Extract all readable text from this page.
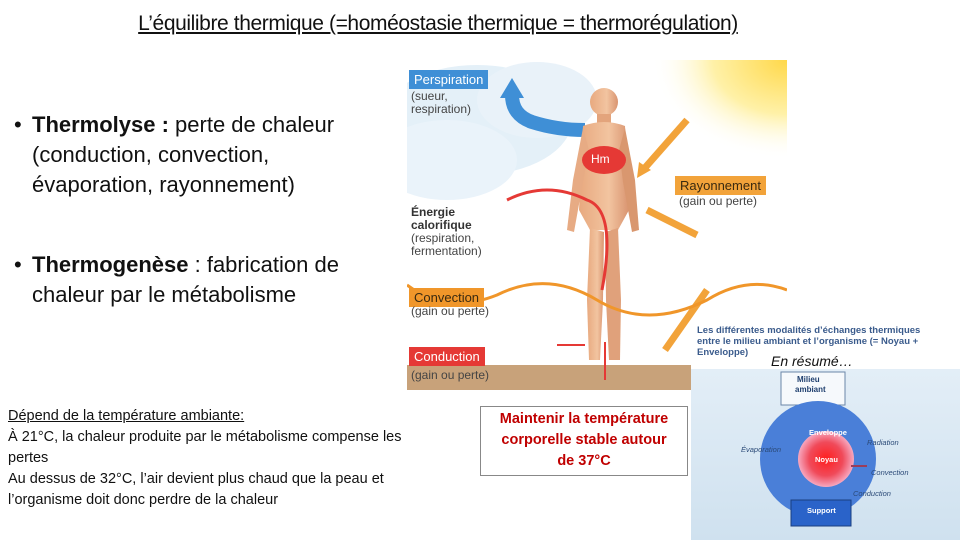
L’équilibre thermique (=homéostasie thermique = thermorégulation)
• Thermolyse : perte de chaleur
(conduction, convection,
évaporation, rayonnement)
• Thermogenèse : fabrication de
chaleur par le métabolisme
Perspiration
(sueur,
respiration)
Hm
Énergie
calorifique
(respiration,
fermentation)
Rayonnement
(gain ou perte)
Convection
(gain ou perte)
Conduction
(gain ou perte)
Dépend de la température ambiante:
À 21°C, la chaleur produite par le métabolisme compense les
pertes
Au dessus de 32°C, l’air devient plus chaud que la peau et
l’organisme doit donc perdre de la chaleur
Maintenir la température
corporelle stable autour
de 37°C
Les différentes modalités d’échanges thermiques
entre le milieu ambiant et l’organisme (= Noyau + Enveloppe)
En résumé…
Milieu
ambiant
Enveloppe
Noyau
Évaporation
Radiation
Convection
Conduction
Support
